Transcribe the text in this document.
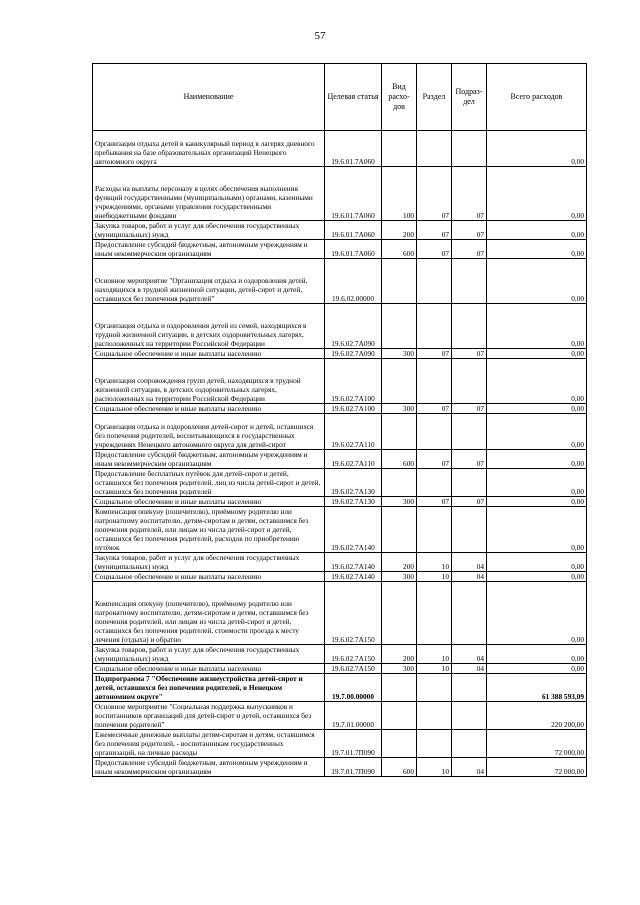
57
Наименование	Целевая статья	Вид расхо-дов	Раздел	Подраз-дел	Всего расходов
Организация отдыха детей в каникулярный период в лагерях дневного пребывания на базе образовательных организаций Ненецкого автономного округа	19.6.01.7А060				0,00
Расходы на выплаты персоналу в целях обеспечения выполнения функций государственными (муниципальными) органами, казенными учреждениями, органами управления государственными внебюджетными фондами	19.6.01.7А060	100	07	07	0,00
Закупка товаров, работ и услуг для обеспечения государственных (муниципальных) нужд	19.6.01.7А060	200	07	07	0,00
Предоставление субсидий бюджетным, автономным учреждениям и иным некоммерческим организациям	19.6.01.7А060	600	07	07	0,00
Основное мероприятие "Организация отдыха и оздоровления детей, находящихся в трудной жизненной ситуации, детей-сирот и детей, оставшихся без попечения родителей"	19.6.02.00000				0,00
Организация отдыха и оздоровления детей из семей, находящихся в трудной жизненной ситуации, в детских оздоровительных лагерях, расположенных на территории Российской Федерации	19.6.02.7А090				0,00
Социальное обеспечение и иные выплаты населению	19.6.02.7А090	300	07	07	0,00
Организация сопровождения групп детей, находящихся в трудной жизненной ситуации, в детских оздоровительных лагерях, расположенных на территории Российской Федерации	19.6.02.7А100				0,00
Социальное обеспечение и иные выплаты населению	19.6.02.7А100	300	07	07	0,00
Организация отдыха и оздоровления детей-сирот и детей, оставшихся без попечения родителей, воспитывающихся в государственных учреждениях Ненецкого автономного округа для детей-сирот	19.6.02.7А110				0,00
Предоставление субсидий бюджетным, автономным учреждениям и иным некоммерческим организациям	19.6.02.7А110	600	07	07	0,00
Предоставление бесплатных путёвок для детей-сирот и детей, оставшихся без попечения родителей, лиц из числа детей-сирот и детей, оставшихся без попечения родителей	19.6.02.7А130				0,00
Социальное обеспечение и иные выплаты населению	19.6.02.7А130	300	07	07	0,00
Компенсация опекуну (попечителю), приёмному родителю или патронатному воспитателю, детям-сиротам и детям, оставшимся без попечения родителей, или лицам из числа детей-сирот и детей, оставшихся без попечения родителей, расходов по приобретению путёвок	19.6.02.7А140				0,00
Закупка товаров, работ и услуг для обеспечения государственных (муниципальных) нужд	19.6.02.7А140	200	10	04	0,00
Социальное обеспечение и иные выплаты населению	19.6.02.7А140	300	10	04	0,00
Компенсация опекуну (попечителю), приёмному родителю или патронатному воспитателю, детям-сиротам и детям, оставшимся без попечения родителей, или лицам из числа детей-сирот и детей, оставшихся без попечения родителей, стоимости проезда к месту лечения (отдыха) и обратно	19.6.02.7А150				0,00
Закупка товаров, работ и услуг для обеспечения государственных (муниципальных) нужд	19.6.02.7А150	200	10	04	0,00
Социальное обеспечение и иные выплаты населению	19.6.02.7А150	300	10	04	0,00
Подпрограмма 7 "Обеспечение жизнеустройства детей-сирот и детей, оставшихся без попечения родителей, в Ненецком автономном округе"	19.7.00.00000				61 388 593,09
Основное мероприятие "Социальная поддержка выпускников и воспитанников организаций для детей-сирот и детей, оставшихся без попечения родителей"	19.7.01.00000				220 200,00
Ежемесячные денежные выплаты детям-сиротам и детям, оставшимся без попечения родителей, - воспитанникам государственных организаций, на личные расходы	19.7.01.7П090				72 000,00
Предоставление субсидий бюджетным, автономным учреждениям и иным некоммерческим организациям	19.7.01.7П090	600	10	04	72 000,00
